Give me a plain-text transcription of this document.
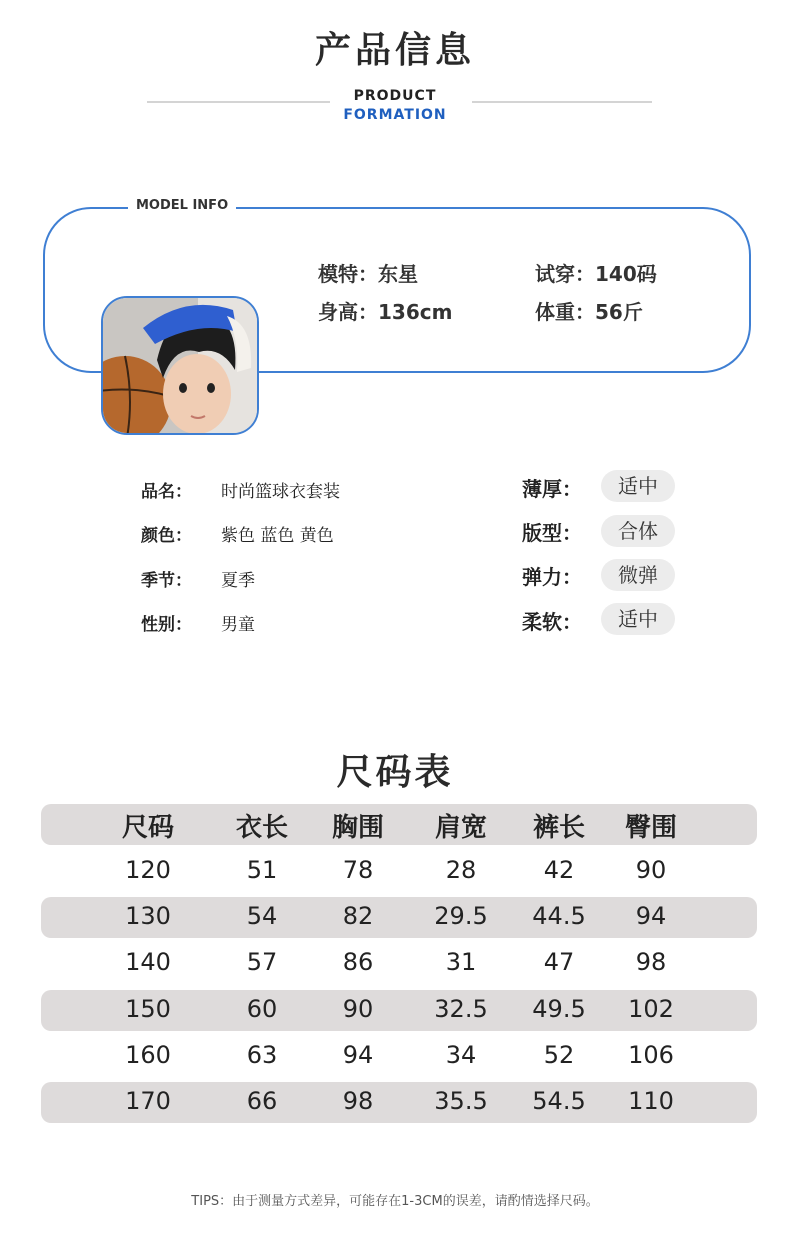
产品信息
PRODUCT
FORMATION
MODEL INFO
模特：东星	试穿：140码
身高：136cm	体重：56斤
品名： 时尚篮球衣套装
颜色： 紫色 蓝色 黄色
季节： 夏季
性别： 男童
薄厚：	适中
版型：	合体
弹力：	微弹
柔软：	适中
尺码表
尺码	衣长	胸围	肩宽	裤长	臀围
120	51	78	28	42	90
130	54	82	29.5	44.5	94
140	57	86	31	47	98
150	60	90	32.5	49.5	102
160	63	94	34	52	106
170	66	98	35.5	54.5	110
TIPS：由于测量方式差异，可能存在1-3CM的误差，请酌情选择尺码。
